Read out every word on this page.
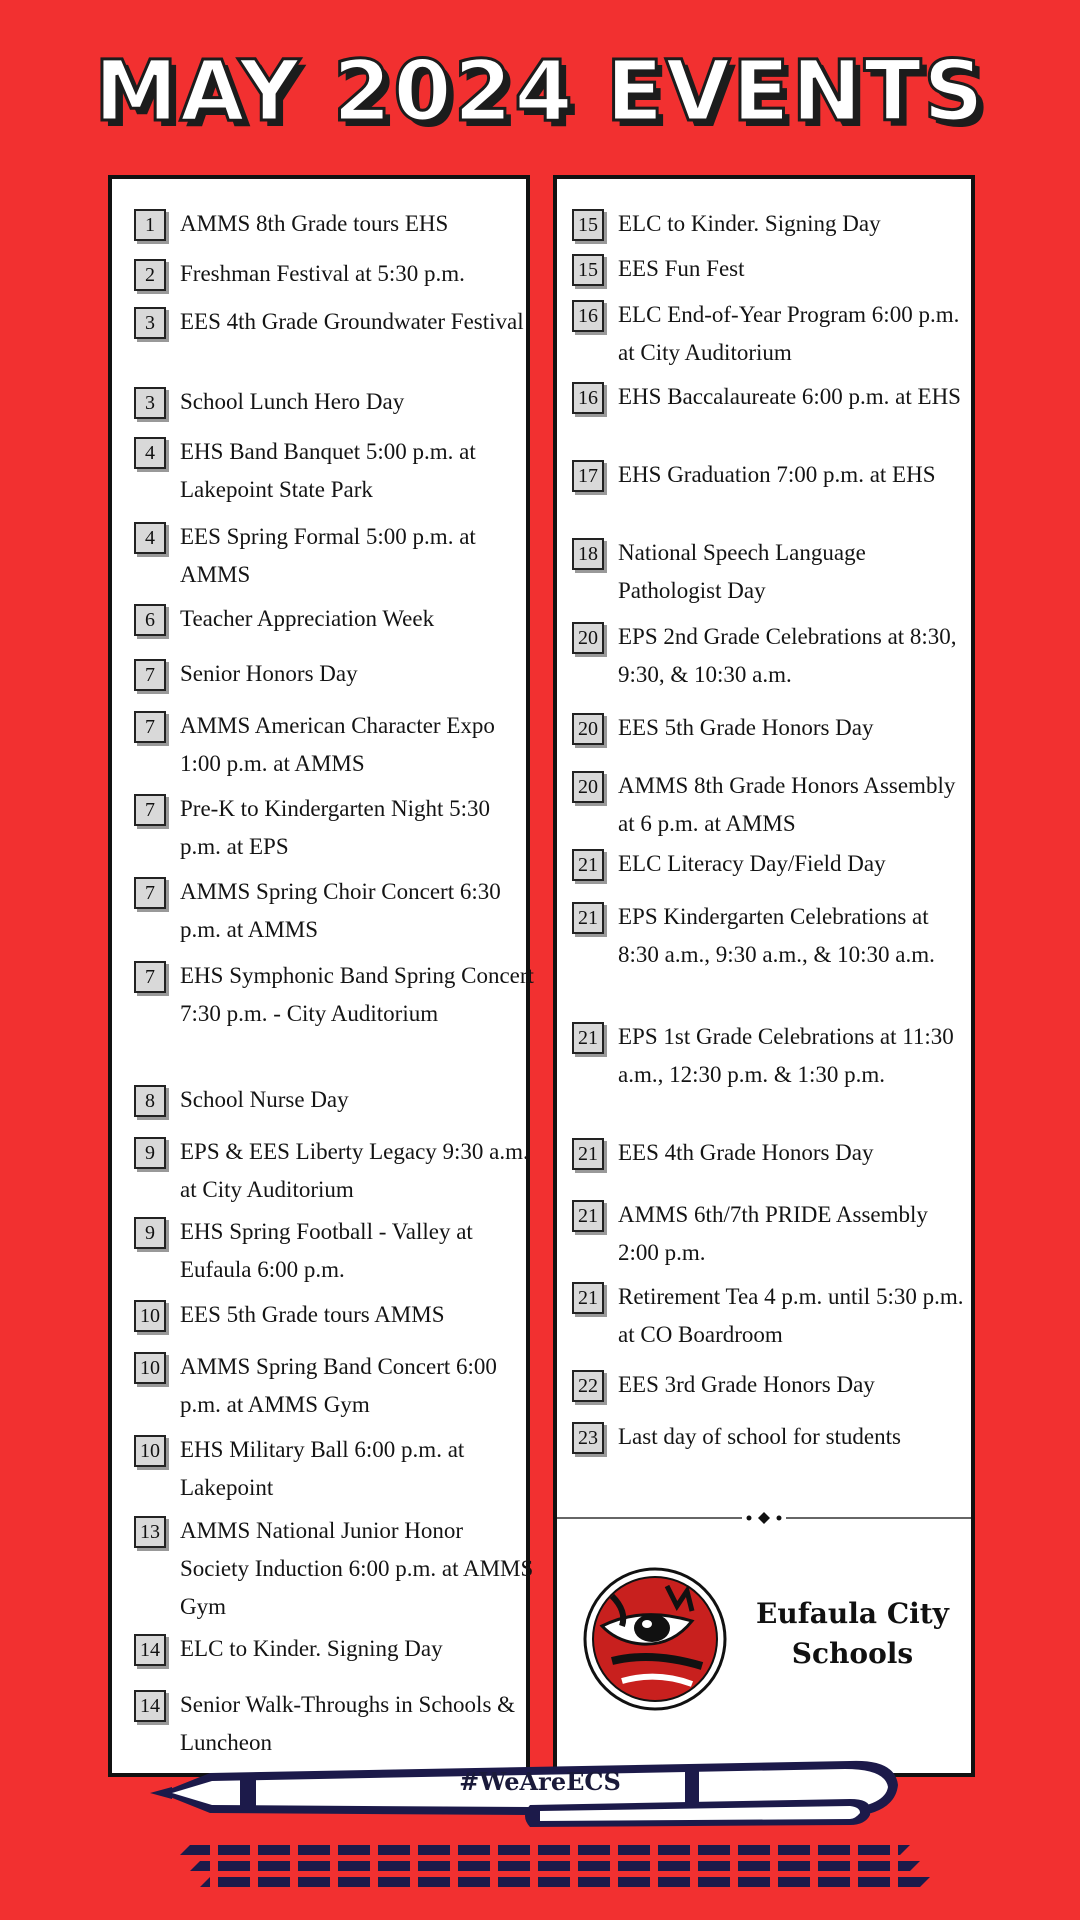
MAY 2024 EVENTS
1	AMMS 8th Grade tours EHS
2	Freshman Festival at 5:30 p.m.
3	EES 4th Grade Groundwater Festival
3	School Lunch Hero Day
4	EHS Band Banquet 5:00 p.m. at Lakepoint State Park
4	EES Spring Formal 5:00 p.m. at AMMS
6	Teacher Appreciation Week
7	Senior Honors Day
7	AMMS American Character Expo 1:00 p.m. at AMMS
7	Pre-K to Kindergarten Night 5:30 p.m. at EPS
7	AMMS Spring Choir Concert 6:30 p.m. at AMMS
7	EHS Symphonic Band Spring Concert 7:30 p.m. - City Auditorium
8	School Nurse Day
9	EPS & EES Liberty Legacy 9:30 a.m. at City Auditorium
9	EHS Spring Football - Valley at Eufaula 6:00 p.m.
10 EES 5th Grade tours AMMS
10 AMMS Spring Band Concert 6:00 p.m. at AMMS Gym
10 EHS Military Ball 6:00 p.m. at Lakepoint
13 AMMS National Junior Honor Society Induction 6:00 p.m. at AMMS Gym
14 ELC to Kinder. Signing Day
14 Senior Walk-Throughs in Schools & Luncheon
15 ELC to Kinder. Signing Day
15 EES Fun Fest
16 ELC End-of-Year Program 6:00 p.m. at City Auditorium
16 EHS Baccalaureate 6:00 p.m. at EHS
17 EHS Graduation 7:00 p.m. at EHS
18 National Speech Language Pathologist Day
20 EPS 2nd Grade Celebrations at 8:30, 9:30, & 10:30 a.m.
20 EES 5th Grade Honors Day
20 AMMS 8th Grade Honors Assembly at 6 p.m. at AMMS
21 ELC Literacy Day/Field Day
21 EPS Kindergarten Celebrations at 8:30 a.m., 9:30 a.m., & 10:30 a.m.
21 EPS 1st Grade Celebrations at 11:30 a.m., 12:30 p.m. & 1:30 p.m.
21 EES 4th Grade Honors Day
21 AMMS 6th/7th PRIDE Assembly 2:00 p.m.
21 Retirement Tea 4 p.m. until 5:30 p.m. at CO Boardroom
22 EES 3rd Grade Honors Day
23 Last day of school for students
Eufaula City Schools
#WeAreECS
